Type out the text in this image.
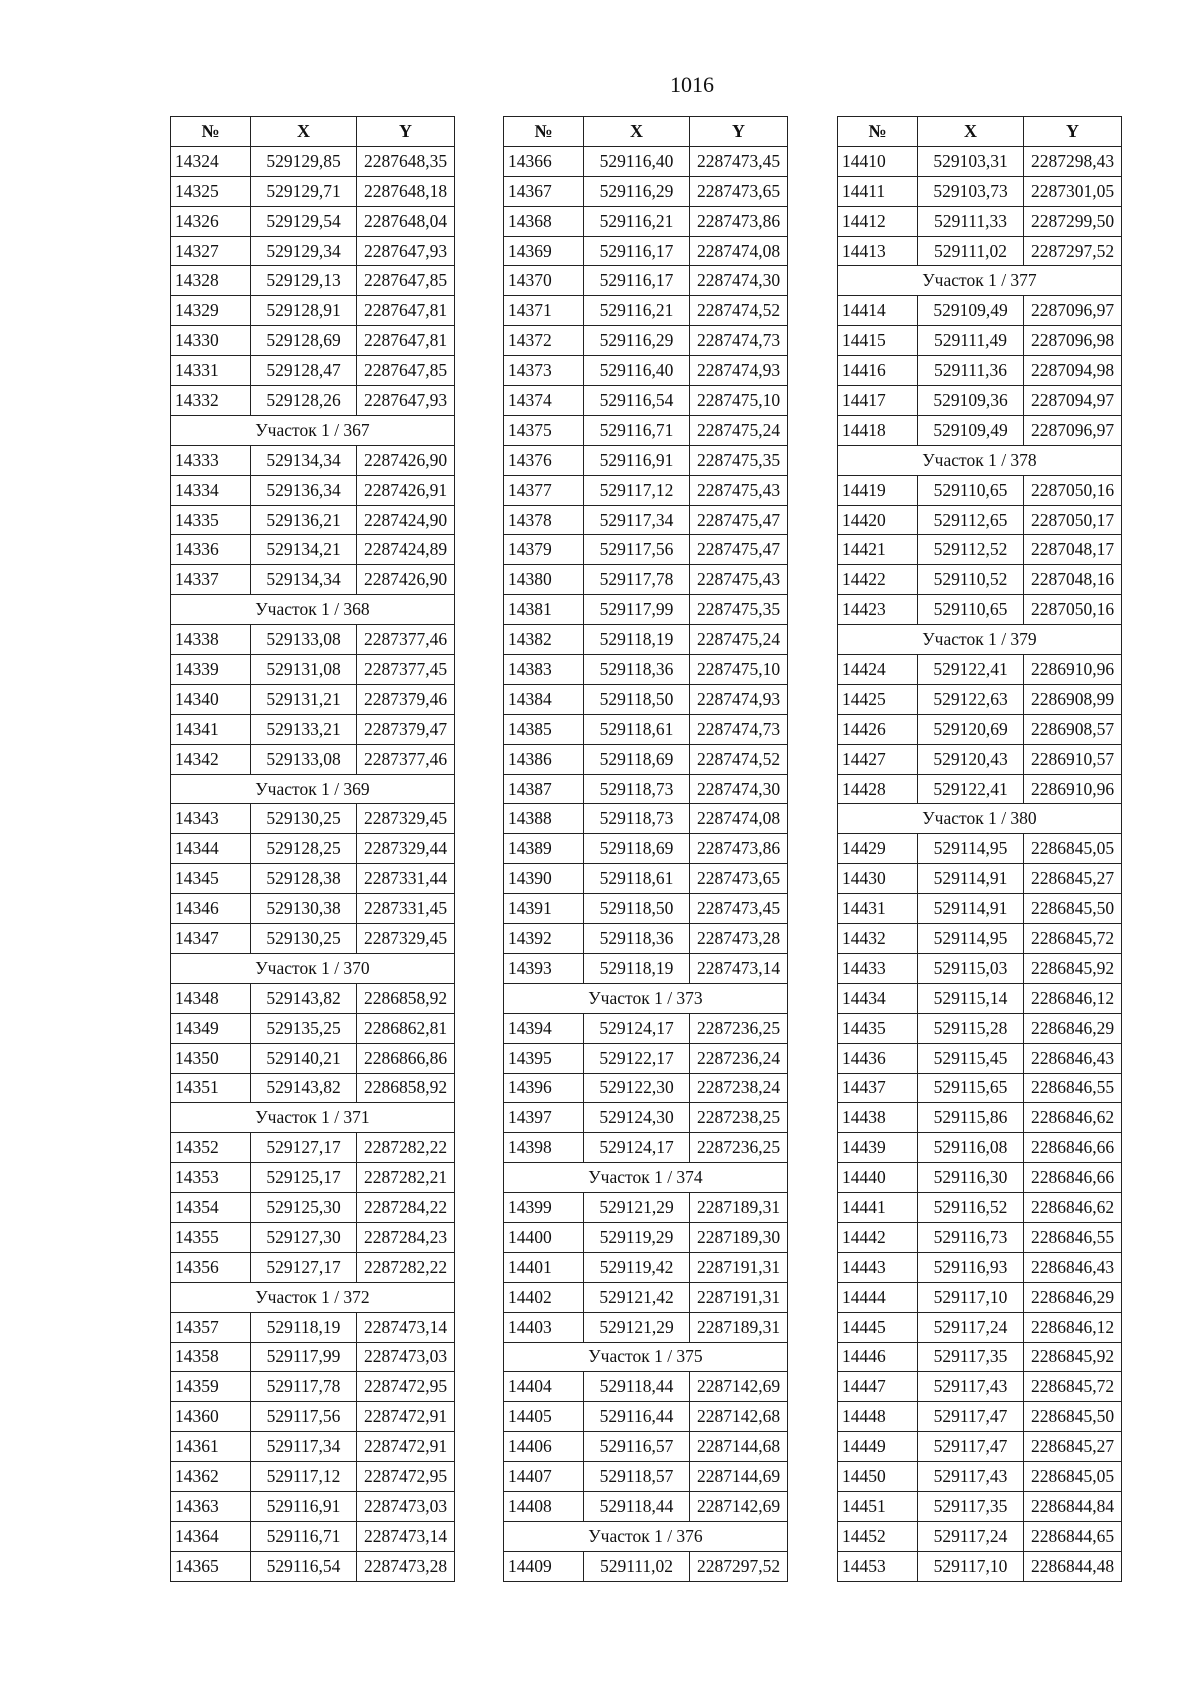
1016
№	X	Y
14324	529129,85	2287648,35
14325	529129,71	2287648,18
14326	529129,54	2287648,04
14327	529129,34	2287647,93
14328	529129,13	2287647,85
14329	529128,91	2287647,81
14330	529128,69	2287647,81
14331	529128,47	2287647,85
14332	529128,26	2287647,93
Участок 1 / 367		
14333	529134,34	2287426,90
14334	529136,34	2287426,91
14335	529136,21	2287424,90
14336	529134,21	2287424,89
14337	529134,34	2287426,90
Участок 1 / 368		
14338	529133,08	2287377,46
14339	529131,08	2287377,45
14340	529131,21	2287379,46
14341	529133,21	2287379,47
14342	529133,08	2287377,46
Участок 1 / 369		
14343	529130,25	2287329,45
14344	529128,25	2287329,44
14345	529128,38	2287331,44
14346	529130,38	2287331,45
14347	529130,25	2287329,45
Участок 1 / 370		
14348	529143,82	2286858,92
14349	529135,25	2286862,81
14350	529140,21	2286866,86
14351	529143,82	2286858,92
Участок 1 / 371		
14352	529127,17	2287282,22
14353	529125,17	2287282,21
14354	529125,30	2287284,22
14355	529127,30	2287284,23
14356	529127,17	2287282,22
Участок 1 / 372		
14357	529118,19	2287473,14
14358	529117,99	2287473,03
14359	529117,78	2287472,95
14360	529117,56	2287472,91
14361	529117,34	2287472,91
14362	529117,12	2287472,95
14363	529116,91	2287473,03
14364	529116,71	2287473,14
14365	529116,54	2287473,28
№	X	Y
14366	529116,40	2287473,45
14367	529116,29	2287473,65
14368	529116,21	2287473,86
14369	529116,17	2287474,08
14370	529116,17	2287474,30
14371	529116,21	2287474,52
14372	529116,29	2287474,73
14373	529116,40	2287474,93
14374	529116,54	2287475,10
14375	529116,71	2287475,24
14376	529116,91	2287475,35
14377	529117,12	2287475,43
14378	529117,34	2287475,47
14379	529117,56	2287475,47
14380	529117,78	2287475,43
14381	529117,99	2287475,35
14382	529118,19	2287475,24
14383	529118,36	2287475,10
14384	529118,50	2287474,93
14385	529118,61	2287474,73
14386	529118,69	2287474,52
14387	529118,73	2287474,30
14388	529118,73	2287474,08
14389	529118,69	2287473,86
14390	529118,61	2287473,65
14391	529118,50	2287473,45
14392	529118,36	2287473,28
14393	529118,19	2287473,14
Участок 1 / 373		
14394	529124,17	2287236,25
14395	529122,17	2287236,24
14396	529122,30	2287238,24
14397	529124,30	2287238,25
14398	529124,17	2287236,25
Участок 1 / 374		
14399	529121,29	2287189,31
14400	529119,29	2287189,30
14401	529119,42	2287191,31
14402	529121,42	2287191,31
14403	529121,29	2287189,31
Участок 1 / 375		
14404	529118,44	2287142,69
14405	529116,44	2287142,68
14406	529116,57	2287144,68
14407	529118,57	2287144,69
14408	529118,44	2287142,69
Участок 1 / 376		
14409	529111,02	2287297,52
№	X	Y
14410	529103,31	2287298,43
14411	529103,73	2287301,05
14412	529111,33	2287299,50
14413	529111,02	2287297,52
Участок 1 / 377		
14414	529109,49	2287096,97
14415	529111,49	2287096,98
14416	529111,36	2287094,98
14417	529109,36	2287094,97
14418	529109,49	2287096,97
Участок 1 / 378		
14419	529110,65	2287050,16
14420	529112,65	2287050,17
14421	529112,52	2287048,17
14422	529110,52	2287048,16
14423	529110,65	2287050,16
Участок 1 / 379		
14424	529122,41	2286910,96
14425	529122,63	2286908,99
14426	529120,69	2286908,57
14427	529120,43	2286910,57
14428	529122,41	2286910,96
Участок 1 / 380		
14429	529114,95	2286845,05
14430	529114,91	2286845,27
14431	529114,91	2286845,50
14432	529114,95	2286845,72
14433	529115,03	2286845,92
14434	529115,14	2286846,12
14435	529115,28	2286846,29
14436	529115,45	2286846,43
14437	529115,65	2286846,55
14438	529115,86	2286846,62
14439	529116,08	2286846,66
14440	529116,30	2286846,66
14441	529116,52	2286846,62
14442	529116,73	2286846,55
14443	529116,93	2286846,43
14444	529117,10	2286846,29
14445	529117,24	2286846,12
14446	529117,35	2286845,92
14447	529117,43	2286845,72
14448	529117,47	2286845,50
14449	529117,47	2286845,27
14450	529117,43	2286845,05
14451	529117,35	2286844,84
14452	529117,24	2286844,65
14453	529117,10	2286844,48
